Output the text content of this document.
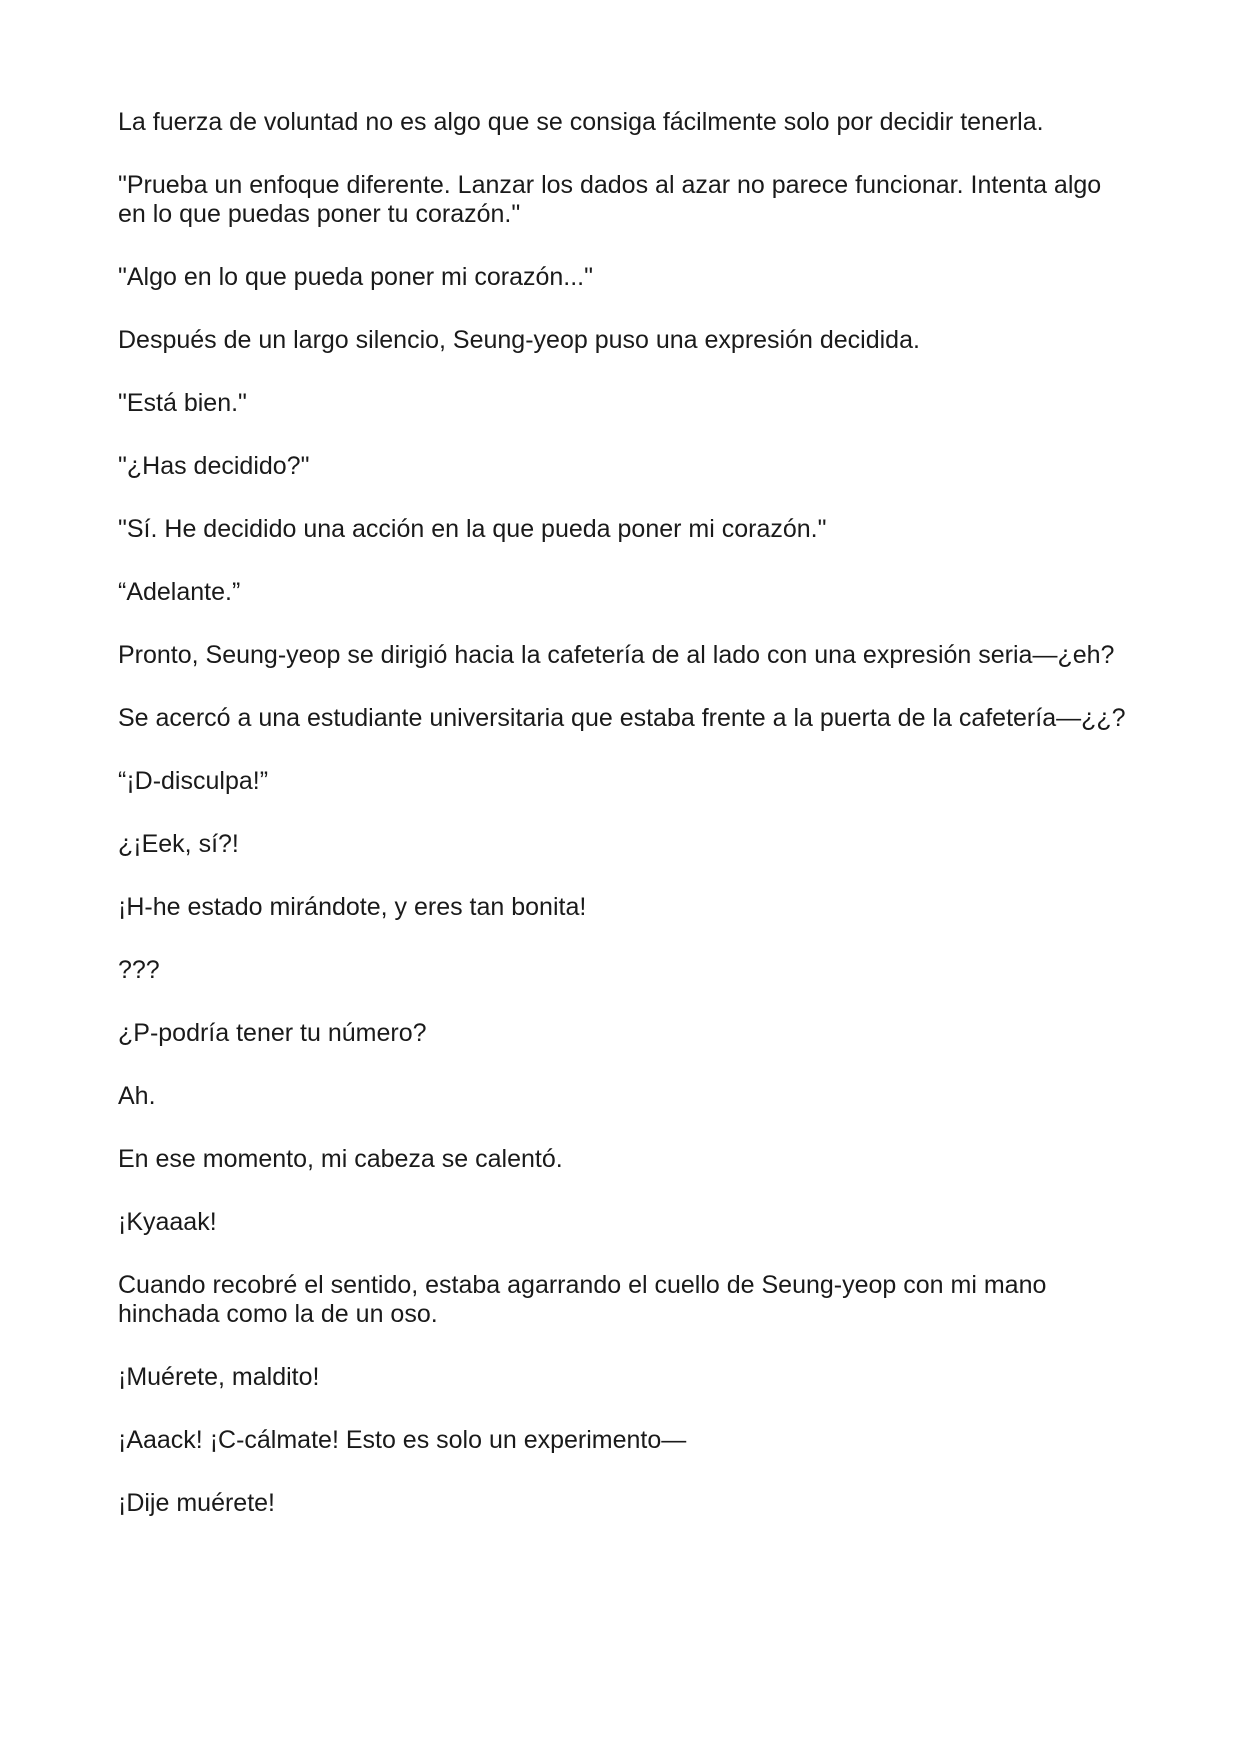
La fuerza de voluntad no es algo que se consiga fácilmente solo por decidir tenerla.

"Prueba un enfoque diferente. Lanzar los dados al azar no parece funcionar. Intenta algo en lo que puedas poner tu corazón."

"Algo en lo que pueda poner mi corazón..."

Después de un largo silencio, Seung-yeop puso una expresión decidida.

"Está bien."

"¿Has decidido?"

"Sí. He decidido una acción en la que pueda poner mi corazón."

“Adelante.”

Pronto, Seung-yeop se dirigió hacia la cafetería de al lado con una expresión seria—¿eh?

Se acercó a una estudiante universitaria que estaba frente a la puerta de la cafetería—¿¿?

“¡D-disculpa!”

¿¡Eek, sí?!

¡H-he estado mirándote, y eres tan bonita!

???

¿P-podría tener tu número?

Ah.

En ese momento, mi cabeza se calentó.

¡Kyaaak!

Cuando recobré el sentido, estaba agarrando el cuello de Seung-yeop con mi mano hinchada como la de un oso.

¡Muérete, maldito!

¡Aaack! ¡C-cálmate! Esto es solo un experimento—

¡Dije muérete!
